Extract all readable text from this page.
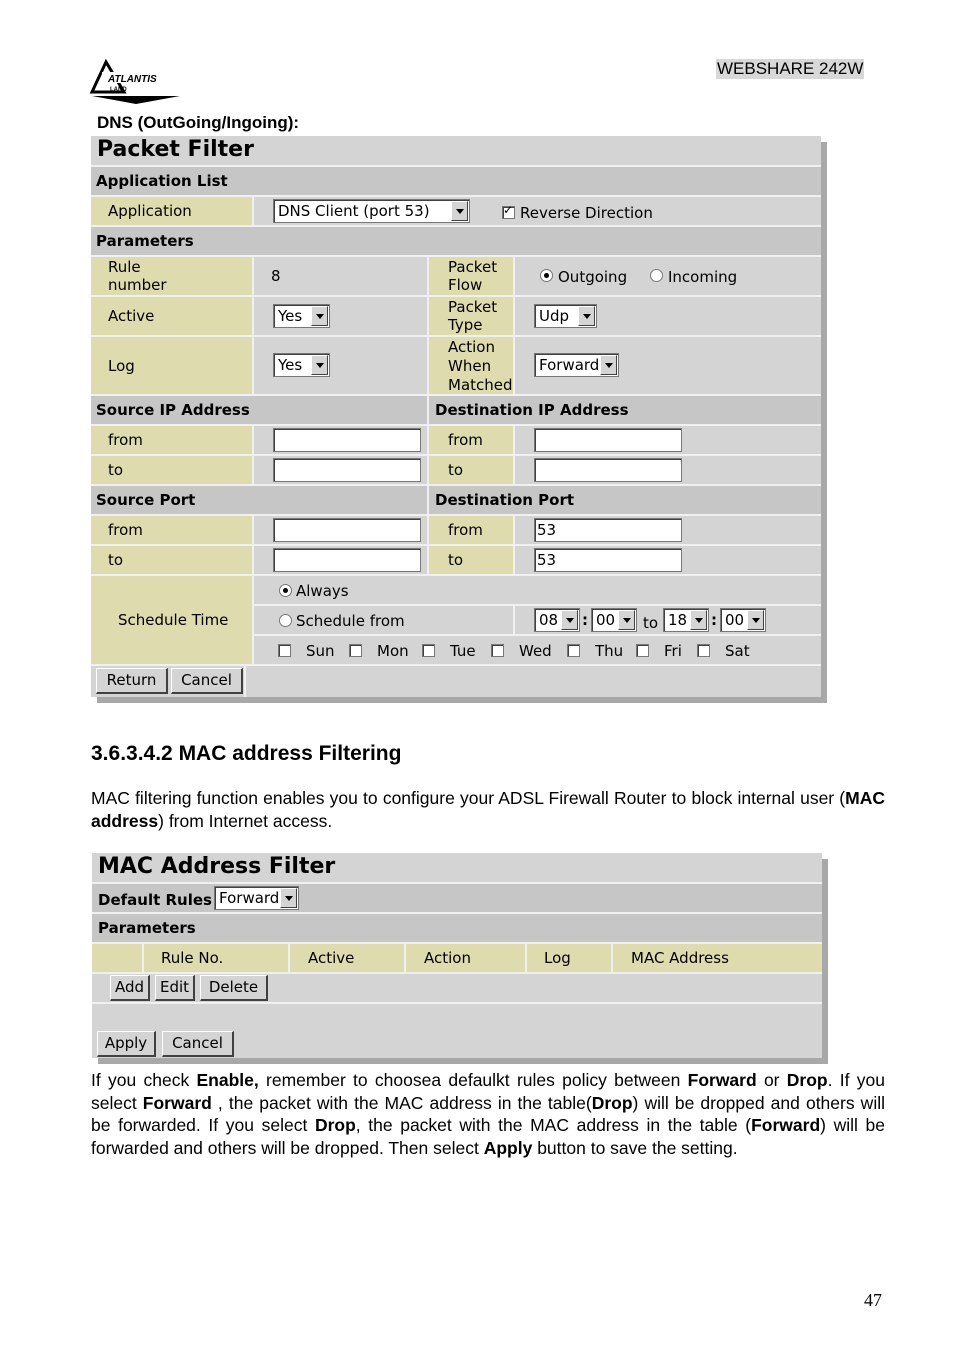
ATLANTIS
LAND
WEBSHARE 242W
DNS (OutGoing/Ingoing):
Packet Filter
Application List
Application	DNS Client (port 53)
✓	Reverse Direction
Parameters
Rule number	8	Packet Flow	Outgoing	Incoming
Active	Yes	Packet Type	Udp
Log	Yes
Action When Matched
Forward
Source IP Address	Destination IP Address
from	from
to	to
Source Port	Destination Port
from	from	53
to	to	53
Schedule Time
Always
Schedule from	08	: 00	to 18	: 00
Sun	Mon	Tue	Wed	Thu	Fri	Sat
Return	Cancel
3.6.3.4.2 MAC address Filtering
MAC filtering function enables you to configure your ADSL Firewall Router to block internal user (MAC address) from Internet access.
MAC Address Filter
Default Rules Forward
Parameters
Rule No.	Active	Action	Log	MAC Address
Add	Edit	Delete
Apply	Cancel
If you check Enable, remember to choosea defaulkt rules policy between Forward or Drop. If you select Forward , the packet with the MAC address in the table(Drop) will be dropped and others will be forwarded. If you select Drop, the packet with the MAC address in the table (Forward) will be forwarded and others will be dropped. Then select Apply button to save the setting.
47
